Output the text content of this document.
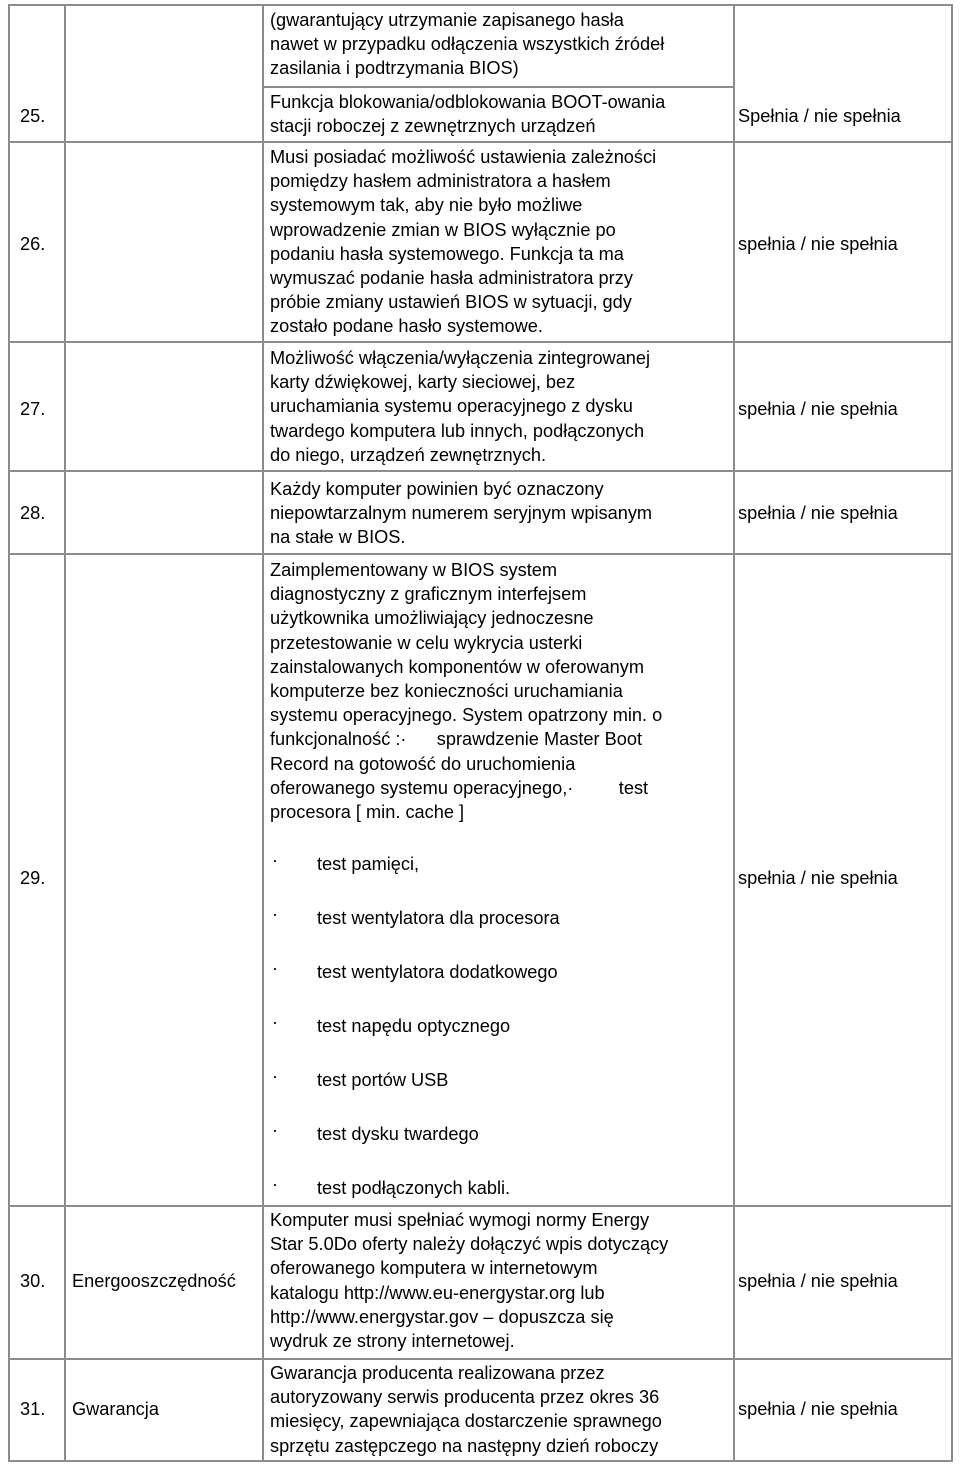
(gwarantujący utrzymanie zapisanego hasła
nawet w przypadku odłączenia wszystkich źródeł
zasilania i podtrzymania BIOS)
25.
Funkcja blokowania/odblokowania BOOT-owania
stacji roboczej z zewnętrznych urządzeń
Spełnia / nie spełnia
26.
Musi posiadać możliwość ustawienia zależności
pomiędzy hasłem administratora a hasłem
systemowym tak, aby nie było możliwe
wprowadzenie zmian w BIOS wyłącznie po
podaniu hasła systemowego. Funkcja ta ma
wymuszać podanie hasła administratora przy
próbie zmiany ustawień BIOS w sytuacji, gdy
zostało podane hasło systemowe.
spełnia / nie spełnia
27.
Możliwość włączenia/wyłączenia zintegrowanej
karty dźwiękowej, karty sieciowej, bez
uruchamiania systemu operacyjnego z dysku
twardego komputera lub innych, podłączonych
do niego, urządzeń zewnętrznych.
spełnia / nie spełnia
28.
Każdy komputer powinien być oznaczony
niepowtarzalnym numerem seryjnym wpisanym
na stałe w BIOS.
spełnia / nie spełnia
29.
Zaimplementowany w BIOS system
diagnostyczny z graficznym interfejsem
użytkownika umożliwiający jednoczesne
przetestowanie w celu wykrycia usterki
zainstalowanych komponentów w oferowanym
komputerze bez konieczności uruchamiania
systemu operacyjnego. System opatrzony min. o
funkcjonalność :·      sprawdzenie Master Boot
Record na gotowość do uruchomienia
oferowanego systemu operacyjnego,·         test
procesora [ min. cache ]
· test pamięci,
· test wentylatora dla procesora
· test wentylatora dodatkowego
· test napędu optycznego
· test portów USB
· test dysku twardego
· test podłączonych kabli.
spełnia / nie spełnia
30. Energooszczędność
Komputer musi spełniać wymogi normy Energy
Star 5.0Do oferty należy dołączyć wpis dotyczący
oferowanego komputera w internetowym
katalogu http://www.eu-energystar.org lub
http://www.energystar.gov – dopuszcza się
wydruk ze strony internetowej.
spełnia / nie spełnia
31. Gwarancja
Gwarancja producenta realizowana przez
autoryzowany serwis producenta przez okres 36
miesięcy, zapewniająca dostarczenie sprawnego
sprzętu zastępczego na następny dzień roboczy
spełnia / nie spełnia
